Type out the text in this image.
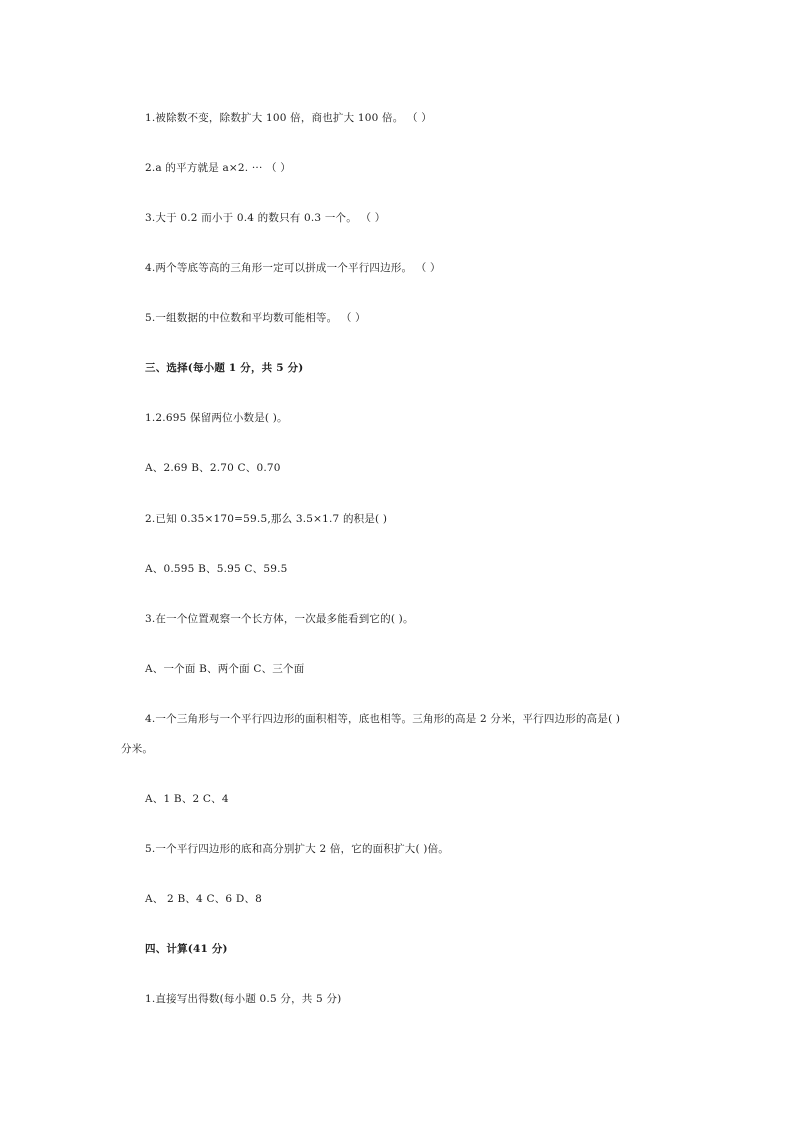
1.被除数不变，除数扩大 100 倍，商也扩大 100 倍。 （ ）
2.a 的平方就是 a×2. ··· （ ）
3.大于 0.2 而小于 0.4 的数只有 0.3 一个。 （ ）
4.两个等底等高的三角形一定可以拼成一个平行四边形。 （ ）
5.一组数据的中位数和平均数可能相等。 （ ）
三、选择(每小题 1 分，共 5 分)
1.2.695 保留两位小数是( )。
A、2.69 B、2.70 C、0.70
2.已知 0.35×170=59.5,那么 3.5×1.7 的积是( )
A、0.595 B、5.95 C、59.5
3.在一个位置观察一个长方体，一次最多能看到它的( )。
A、一个面 B、两个面 C、三个面
4.一个三角形与一个平行四边形的面积相等，底也相等。三角形的高是 2 分米，平行四边形的高是( )
分米。
A、1 B、2 C、4
5.一个平行四边形的底和高分别扩大 2 倍，它的面积扩大( )倍。
A、 2 B、4 C、6 D、8
四、计算(41 分)
1.直接写出得数(每小题 0.5 分，共 5 分)
